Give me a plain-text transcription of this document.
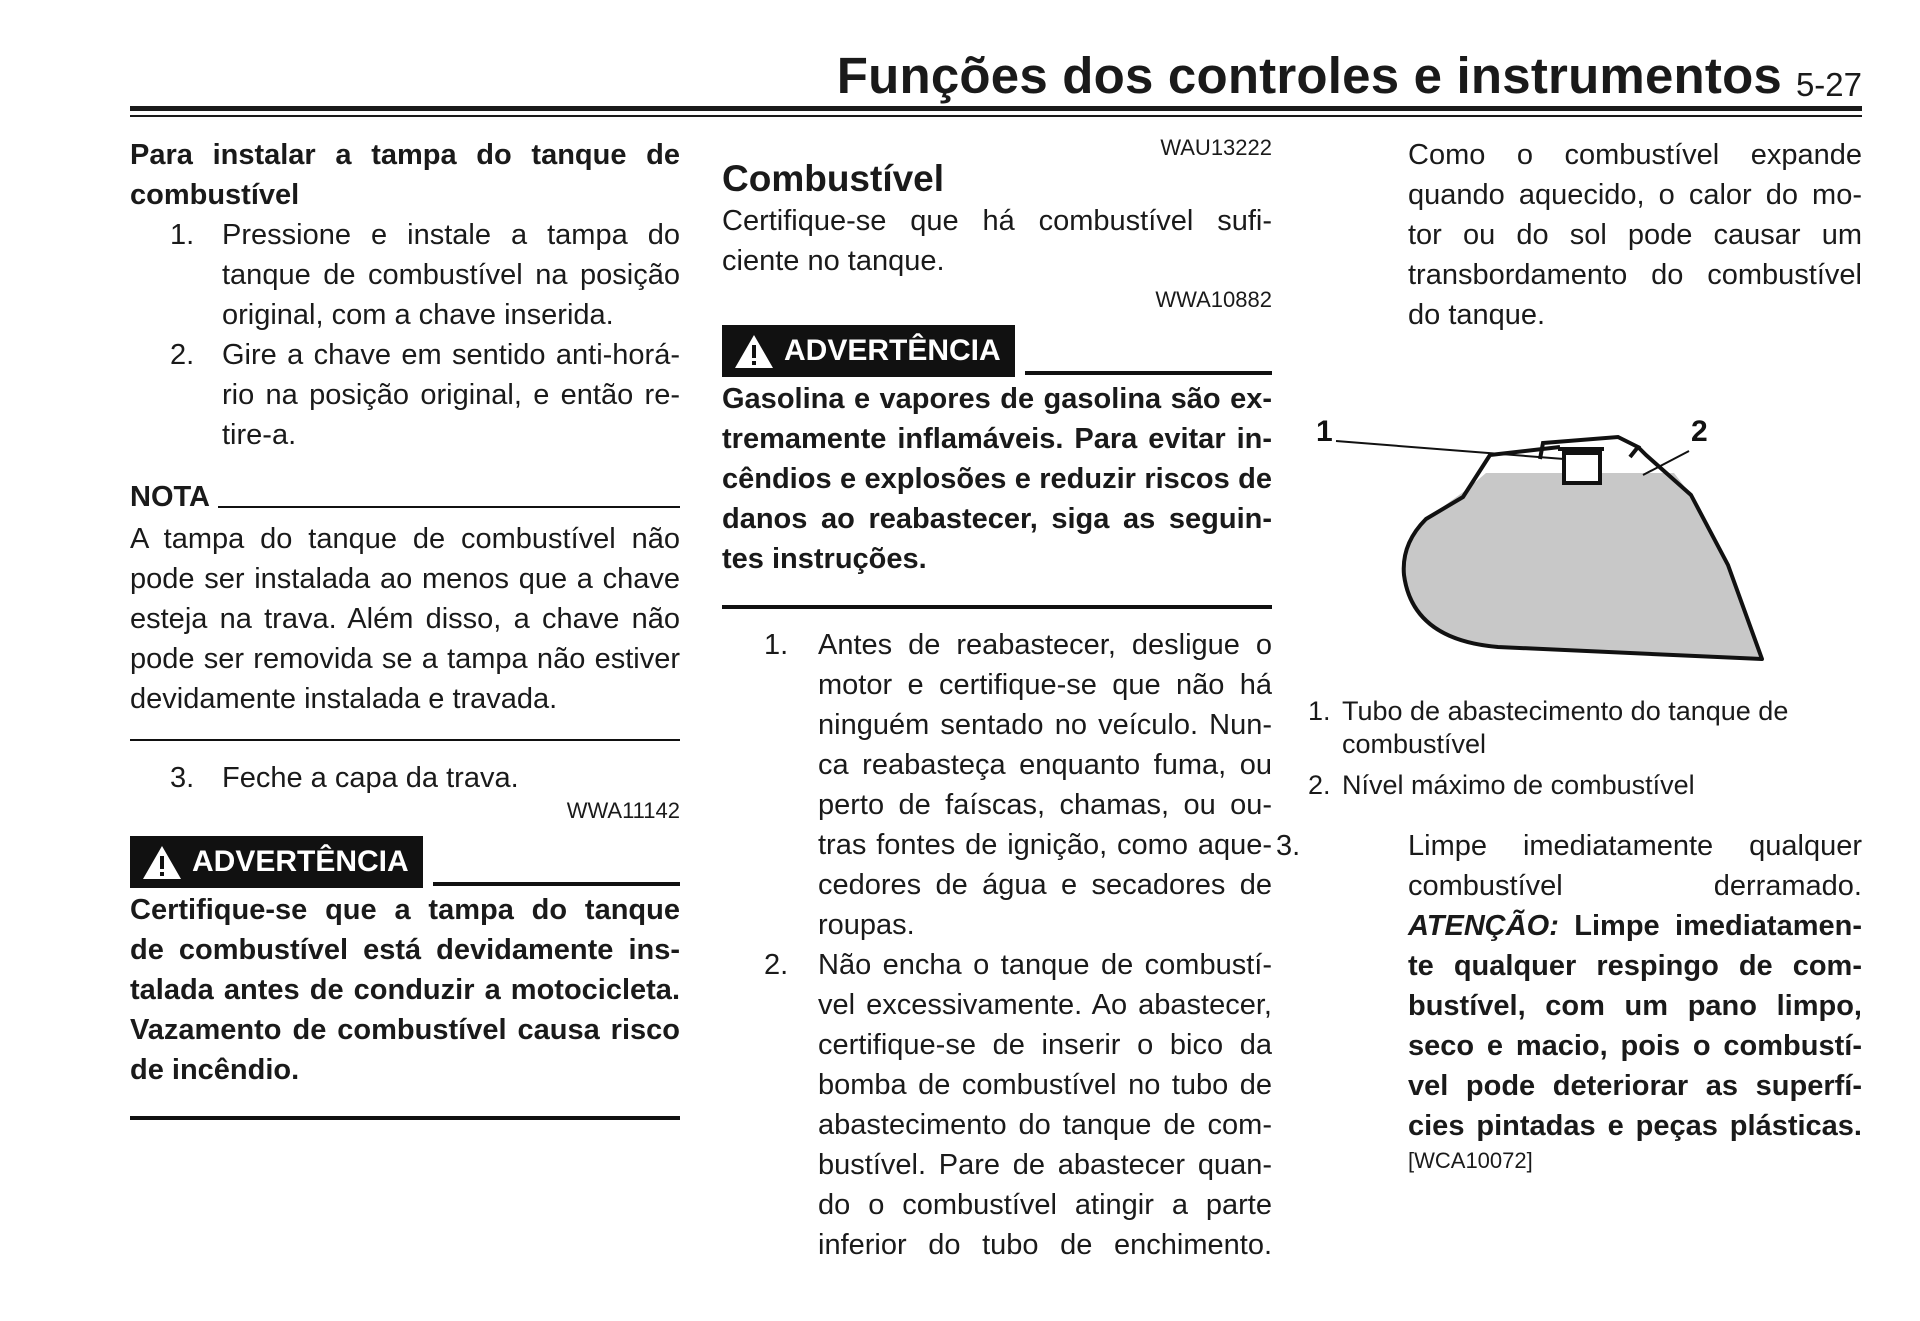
Funções dos controles e instrumentos 5-27

Para instalar a tampa do tanque de

combustível

1. Pressione e instale a tampa do

tanque de combustível na posição

original, com a chave inserida.

2. Gire a chave em sentido anti-horá-

rio na posição original, e então re-

tire-a.

NOTA

A tampa do tanque de combustível não

pode ser instalada ao menos que a chave

esteja na trava. Além disso, a chave não

pode ser removida se a tampa não estiver

devidamente instalada e travada.

3. Feche a capa da trava.

WWA11142
ADVERTÊNCIA

Certifique-se que a tampa do tanque

de combustível está devidamente ins-

talada antes de conduzir a motocicleta.

Vazamento de combustível causa risco

de incêndio.

WAU13222
Combustível

Certifique-se que há combustível sufi-

ciente no tanque.

WWA10882
ADVERTÊNCIA

Gasolina e vapores de gasolina são ex-

tremamente inflamáveis. Para evitar in-

cêndios e explosões e reduzir riscos de

danos ao reabastecer, siga as seguin-

tes instruções.

1. Antes de reabastecer, desligue o

motor e certifique-se que não há

ninguém sentado no veículo. Nun-

ca reabasteça enquanto fuma, ou

perto de faíscas, chamas, ou ou-

tras fontes de ignição, como aque-

cedores de água e secadores de

roupas.

2. Não encha o tanque de combustí-

vel excessivamente. Ao abastecer,

certifique-se de inserir o bico da

bomba de combustível no tubo de

abastecimento do tanque de com-

bustível. Pare de abastecer quan-

do o combustível atingir a parte

inferior do tubo de enchimento.

Como o combustível expande

quando aquecido, o calor do mo-

tor ou do sol pode causar um

transbordamento do combustível

do tanque.

1	2
1. Tubo de abastecimento do tanque de

combustível

2. Nível máximo de combustível

3.	Limpe imediatamente qualquer

combustível derramado.

ATENÇÃO: Limpe imediatamen-

te qualquer respingo de com-

bustível, com um pano limpo,

seco e macio, pois o combustí-

vel pode deteriorar as superfí-

cies pintadas e peças plásticas.

[WCA10072]
